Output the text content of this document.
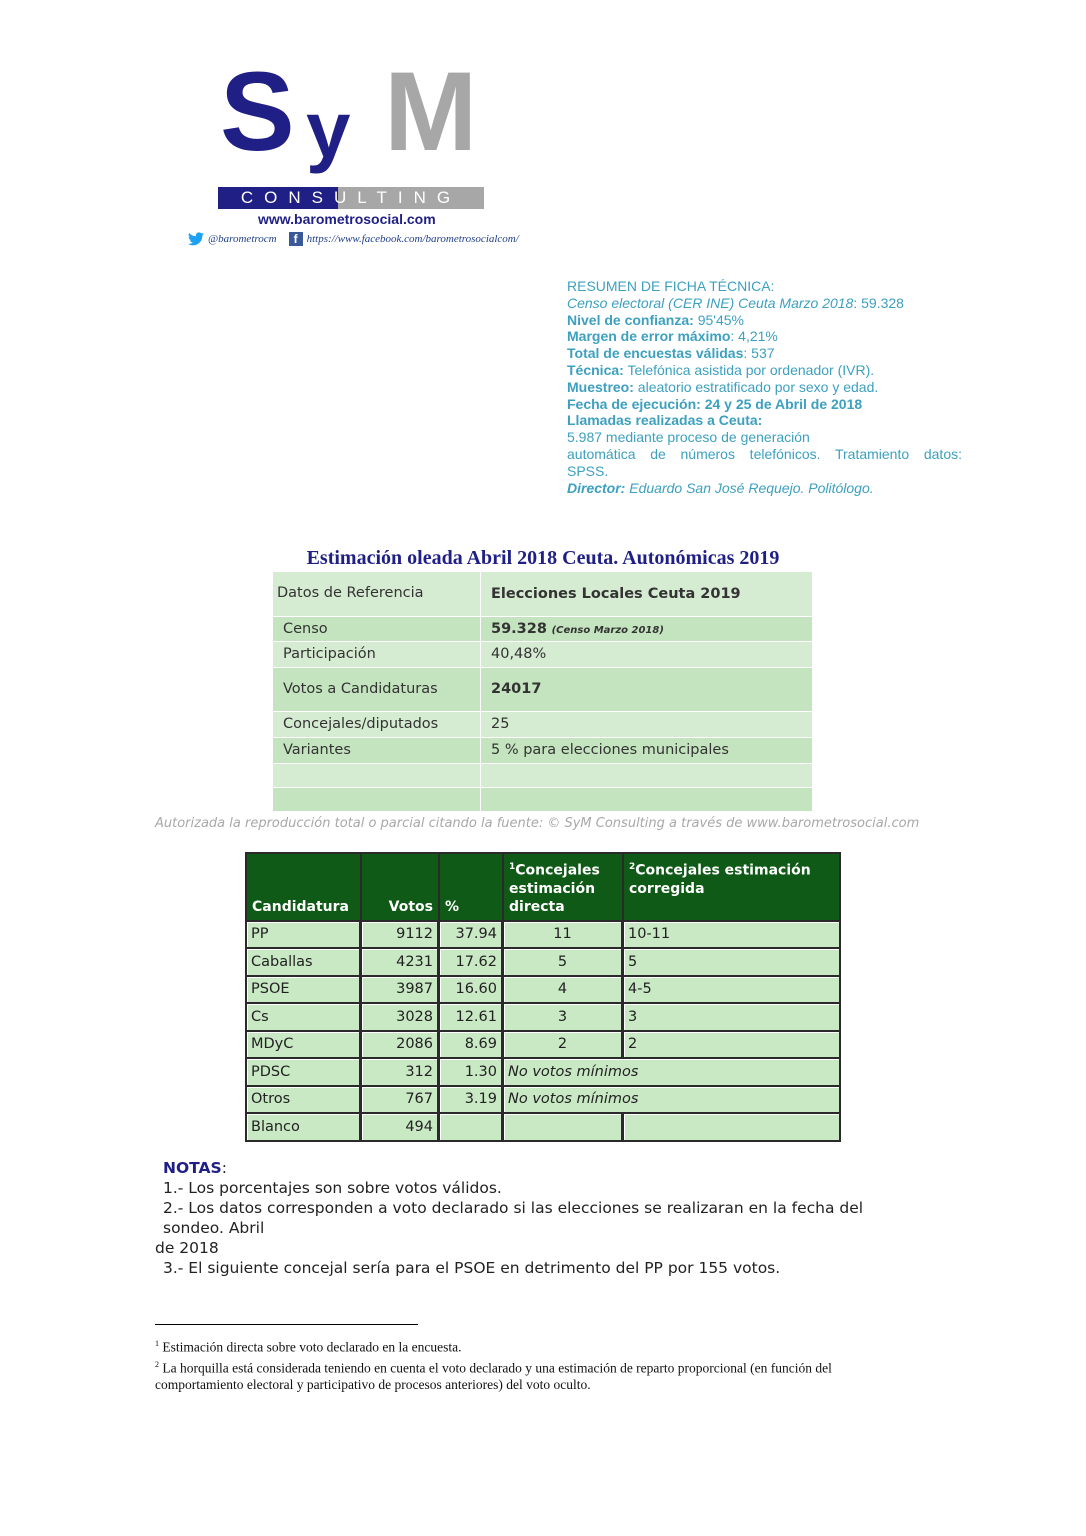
S y M
CONSULTING
www.barometrosocial.com
@barometrocm	f https://www.facebook.com/barometrosocialcom/
RESUMEN DE FICHA TÉCNICA:
Censo electoral (CER INE) Ceuta Marzo 2018: 59.328
Nivel de confianza: 95'45%
Margen de error máximo: 4,21%
Total de encuestas válidas: 537
Técnica: Telefónica asistida por ordenador (IVR).
Muestreo: aleatorio estratificado por sexo y edad.
Fecha de ejecución: 24 y 25 de Abril de 2018
Llamadas realizadas a Ceuta:
5.987 mediante proceso de generación
automática de números telefónicos. Tratamiento datos:
SPSS.
Director: Eduardo San José Requejo. Politólogo.
Estimación oleada Abril 2018 Ceuta. Autonómicas 2019
Datos de Referencia	Elecciones Locales Ceuta 2019
Censo	59.328 (Censo Marzo 2018)
Participación	40,48%
Votos a Candidaturas	24017
Concejales/diputados	25
Variantes	5 % para elecciones municipales

Autorizada la reproducción total o parcial citando la fuente: © SyM Consulting a través de www.barometrosocial.com
Candidatura	Votos	%	$^1$Concejales estimación directa	$^2$Concejales estimación corregida
PP	9112	37.94	11	10-11
Caballas	4231	17.62	5	5
PSOE	3987	16.60	4	4-5
Cs	3028	12.61	3	3
MDyC	2086	8.69	2	2
PDSC	312	1.30	No votos mínimos	
Otros	767	3.19	No votos mínimos	
Blanco	494			
NOTAS:
1.- Los porcentajes son sobre votos válidos.
2.- Los datos corresponden a voto declarado si las elecciones se realizaran en la fecha del sondeo. Abril
de 2018
3.- El siguiente concejal sería para el PSOE en detrimento del PP por 155 votos.
$^1$ Estimación directa sobre voto declarado en la encuesta.
$^2$ La horquilla está considerada teniendo en cuenta el voto declarado y una estimación de reparto proporcional (en función del comportamiento electoral y participativo de procesos anteriores) del voto oculto.
